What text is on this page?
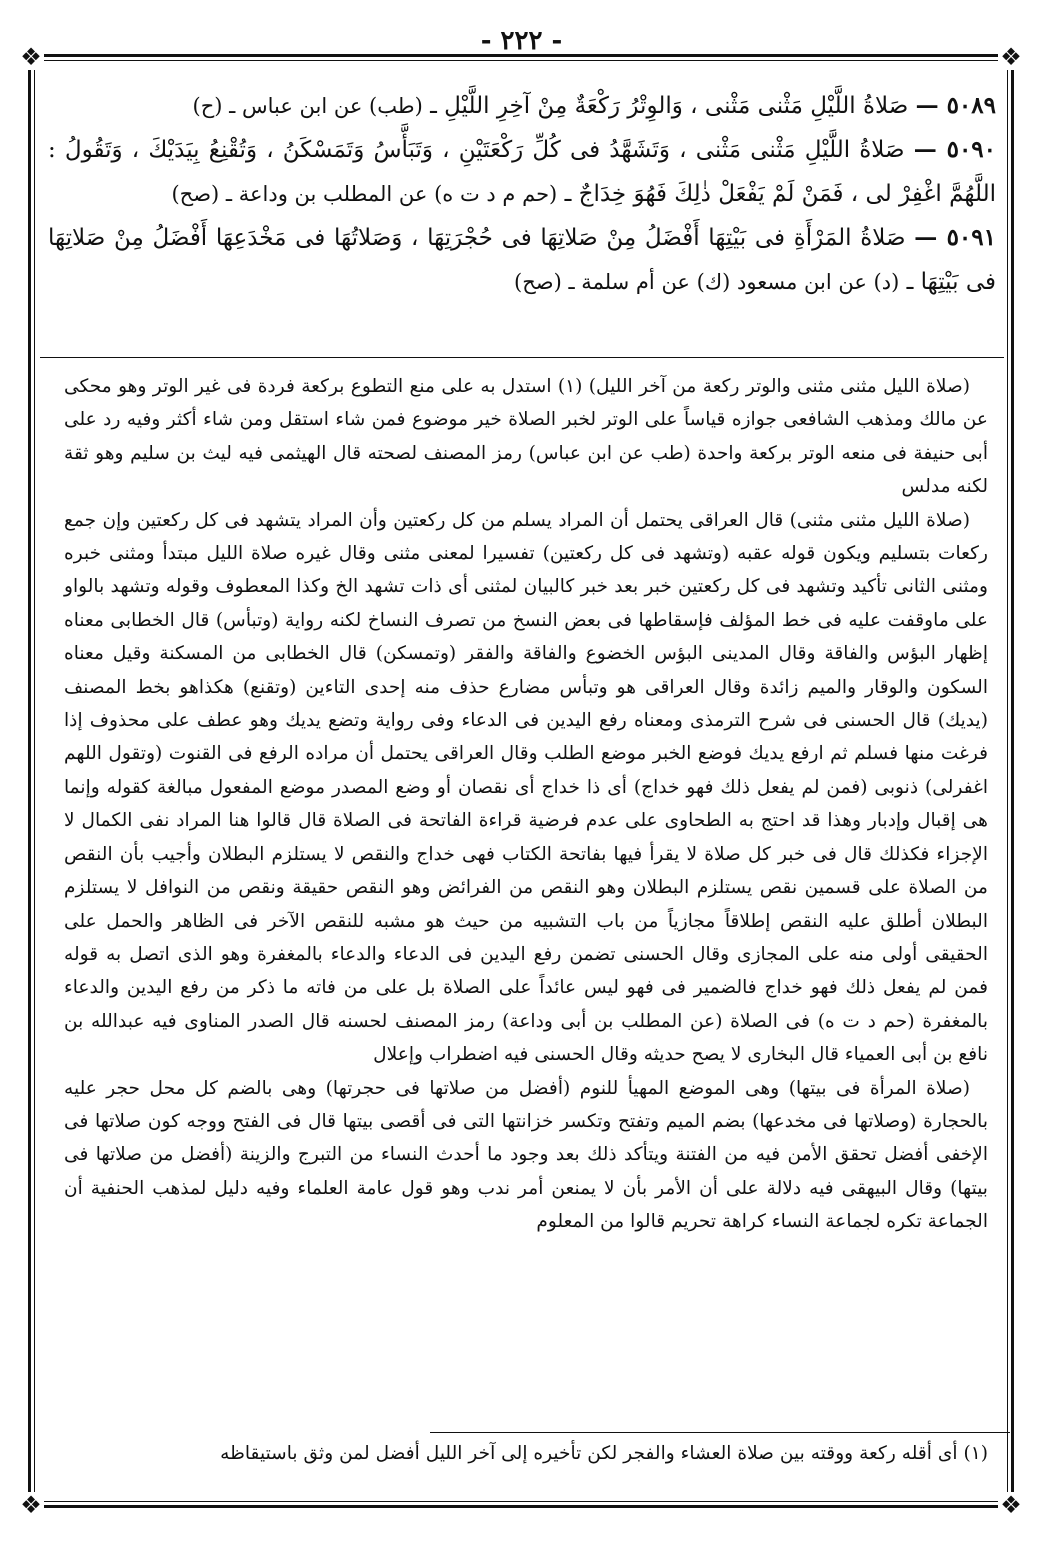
- ٢٢٢ -
❖	❖
❖	❖

٥٠٨٩ — صَلاةُ اللَّيْلِ مَثْنى مَثْنى ، وَالوِتْرُ رَكْعَةٌ مِنْ آخِرِ اللَّيْلِ ـ (طب) عن ابن عباس ـ (ح)

٥٠٩٠ — صَلاةُ اللَّيْلِ مَثْنى مَثْنى ، وَتَشَهَّدُ فى كُلِّ رَكْعَتَيْنِ ، وَتَبَأَّسُ وَتَمَسْكَنُ ، وَتُقْنِعُ بِيَدَيْكَ ، وَتَقُولُ : اللَّهُمَّ اغْفِرْ لى ، فَمَنْ لَمْ يَفْعَلْ ذٰلِكَ فَهُوَ خِدَاجٌ ـ (حم م د ت ه) عن المطلب بن وداعة ـ (صح)

٥٠٩١ — صَلاةُ المَرْأَةِ فى بَيْتِهَا أَفْضَلُ مِنْ صَلاتِهَا فى حُجْرَتِهَا ، وَصَلاتُهَا فى مَخْدَعِهَا أَفْضَلُ مِنْ صَلاتِهَا فى بَيْتِهَا ـ (د) عن ابن مسعود (ك) عن أم سلمة ـ (صح)

(صلاة الليل مثنى مثنى والوتر ركعة من آخر الليل) (١) استدل به على منع التطوع بركعة فردة فى غير الوتر وهو محكى عن مالك ومذهب الشافعى جوازه قياساً على الوتر لخبر الصلاة خير موضوع فمن شاء استقل ومن شاء أكثر وفيه رد على أبى حنيفة فى منعه الوتر بركعة واحدة (طب عن ابن عباس) رمز المصنف لصحته قال الهيثمى فيه ليث بن سليم وهو ثقة لكنه مدلس

(صلاة الليل مثنى مثنى) قال العراقى يحتمل أن المراد يسلم من كل ركعتين وأن المراد يتشهد فى كل ركعتين وإن جمع ركعات بتسليم ويكون قوله عقبه (وتشهد فى كل ركعتين) تفسيرا لمعنى مثنى وقال غيره صلاة الليل مبتدأ ومثنى خبره ومثنى الثانى تأكيد وتشهد فى كل ركعتين خبر بعد خبر كالبيان لمثنى أى ذات تشهد الخ وكذا المعطوف وقوله وتشهد بالواو على ماوقفت عليه فى خط المؤلف فإسقاطها فى بعض النسخ من تصرف النساخ لكنه رواية (وتبأس) قال الخطابى معناه إظهار البؤس والفاقة وقال المدينى البؤس الخضوع والفاقة والفقر (وتمسكن) قال الخطابى من المسكنة وقيل معناه السكون والوقار والميم زائدة وقال العراقى هو وتبأس مضارع حذف منه إحدى التاءين (وتقنع) هكذاهو بخط المصنف (يديك) قال الحسنى فى شرح الترمذى ومعناه رفع اليدين فى الدعاء وفى رواية وتضع يديك وهو عطف على محذوف إذا فرغت منها فسلم ثم ارفع يديك فوضع الخبر موضع الطلب وقال العراقى يحتمل أن مراده الرفع فى القنوت (وتقول اللهم اغفرلى) ذنوبى (فمن لم يفعل ذلك فهو خداج) أى ذا خداج أى نقصان أو وضع المصدر موضع المفعول مبالغة كقوله وإنما هى إقبال وإدبار وهذا قد احتج به الطحاوى على عدم فرضية قراءة الفاتحة فى الصلاة قال قالوا هنا المراد نفى الكمال لا الإجزاء فكذلك قال فى خبر كل صلاة لا يقرأ فيها بفاتحة الكتاب فهى خداج والنقص لا يستلزم البطلان وأجيب بأن النقص من الصلاة على قسمين نقص يستلزم البطلان وهو النقص من الفرائض وهو النقص حقيقة ونقص من النوافل لا يستلزم البطلان أطلق عليه النقص إطلاقاً مجازياً من باب التشبيه من حيث هو مشبه للنقص الآخر فى الظاهر والحمل على الحقيقى أولى منه على المجازى وقال الحسنى تضمن رفع اليدين فى الدعاء والدعاء بالمغفرة وهو الذى اتصل به قوله فمن لم يفعل ذلك فهو خداج فالضمير فى فهو ليس عائداً على الصلاة بل على من فاته ما ذكر من رفع اليدين والدعاء بالمغفرة (حم د ت ه) فى الصلاة (عن المطلب بن أبى وداعة) رمز المصنف لحسنه قال الصدر المناوى فيه عبدالله بن نافع بن أبى العمياء قال البخارى لا يصح حديثه وقال الحسنى فيه اضطراب وإعلال

(صلاة المرأة فى بيتها) وهى الموضع المهيأ للنوم (أفضل من صلاتها فى حجرتها) وهى بالضم كل محل حجر عليه بالحجارة (وصلاتها فى مخدعها) بضم الميم وتفتح وتكسر خزانتها التى فى أقصى بيتها قال فى الفتح ووجه كون صلاتها فى الإخفى أفضل تحقق الأمن فيه من الفتنة ويتأكد ذلك بعد وجود ما أحدث النساء من التبرج والزينة (أفضل من صلاتها فى بيتها) وقال البيهقى فيه دلالة على أن الأمر بأن لا يمنعن أمر ندب وهو قول عامة العلماء وفيه دليل لمذهب الحنفية أن الجماعة تكره لجماعة النساء كراهة تحريم قالوا من المعلوم

(١) أى أقله ركعة ووقته بين صلاة العشاء والفجر لكن تأخيره إلى آخر الليل أفضل لمن وثق باستيقاظه
